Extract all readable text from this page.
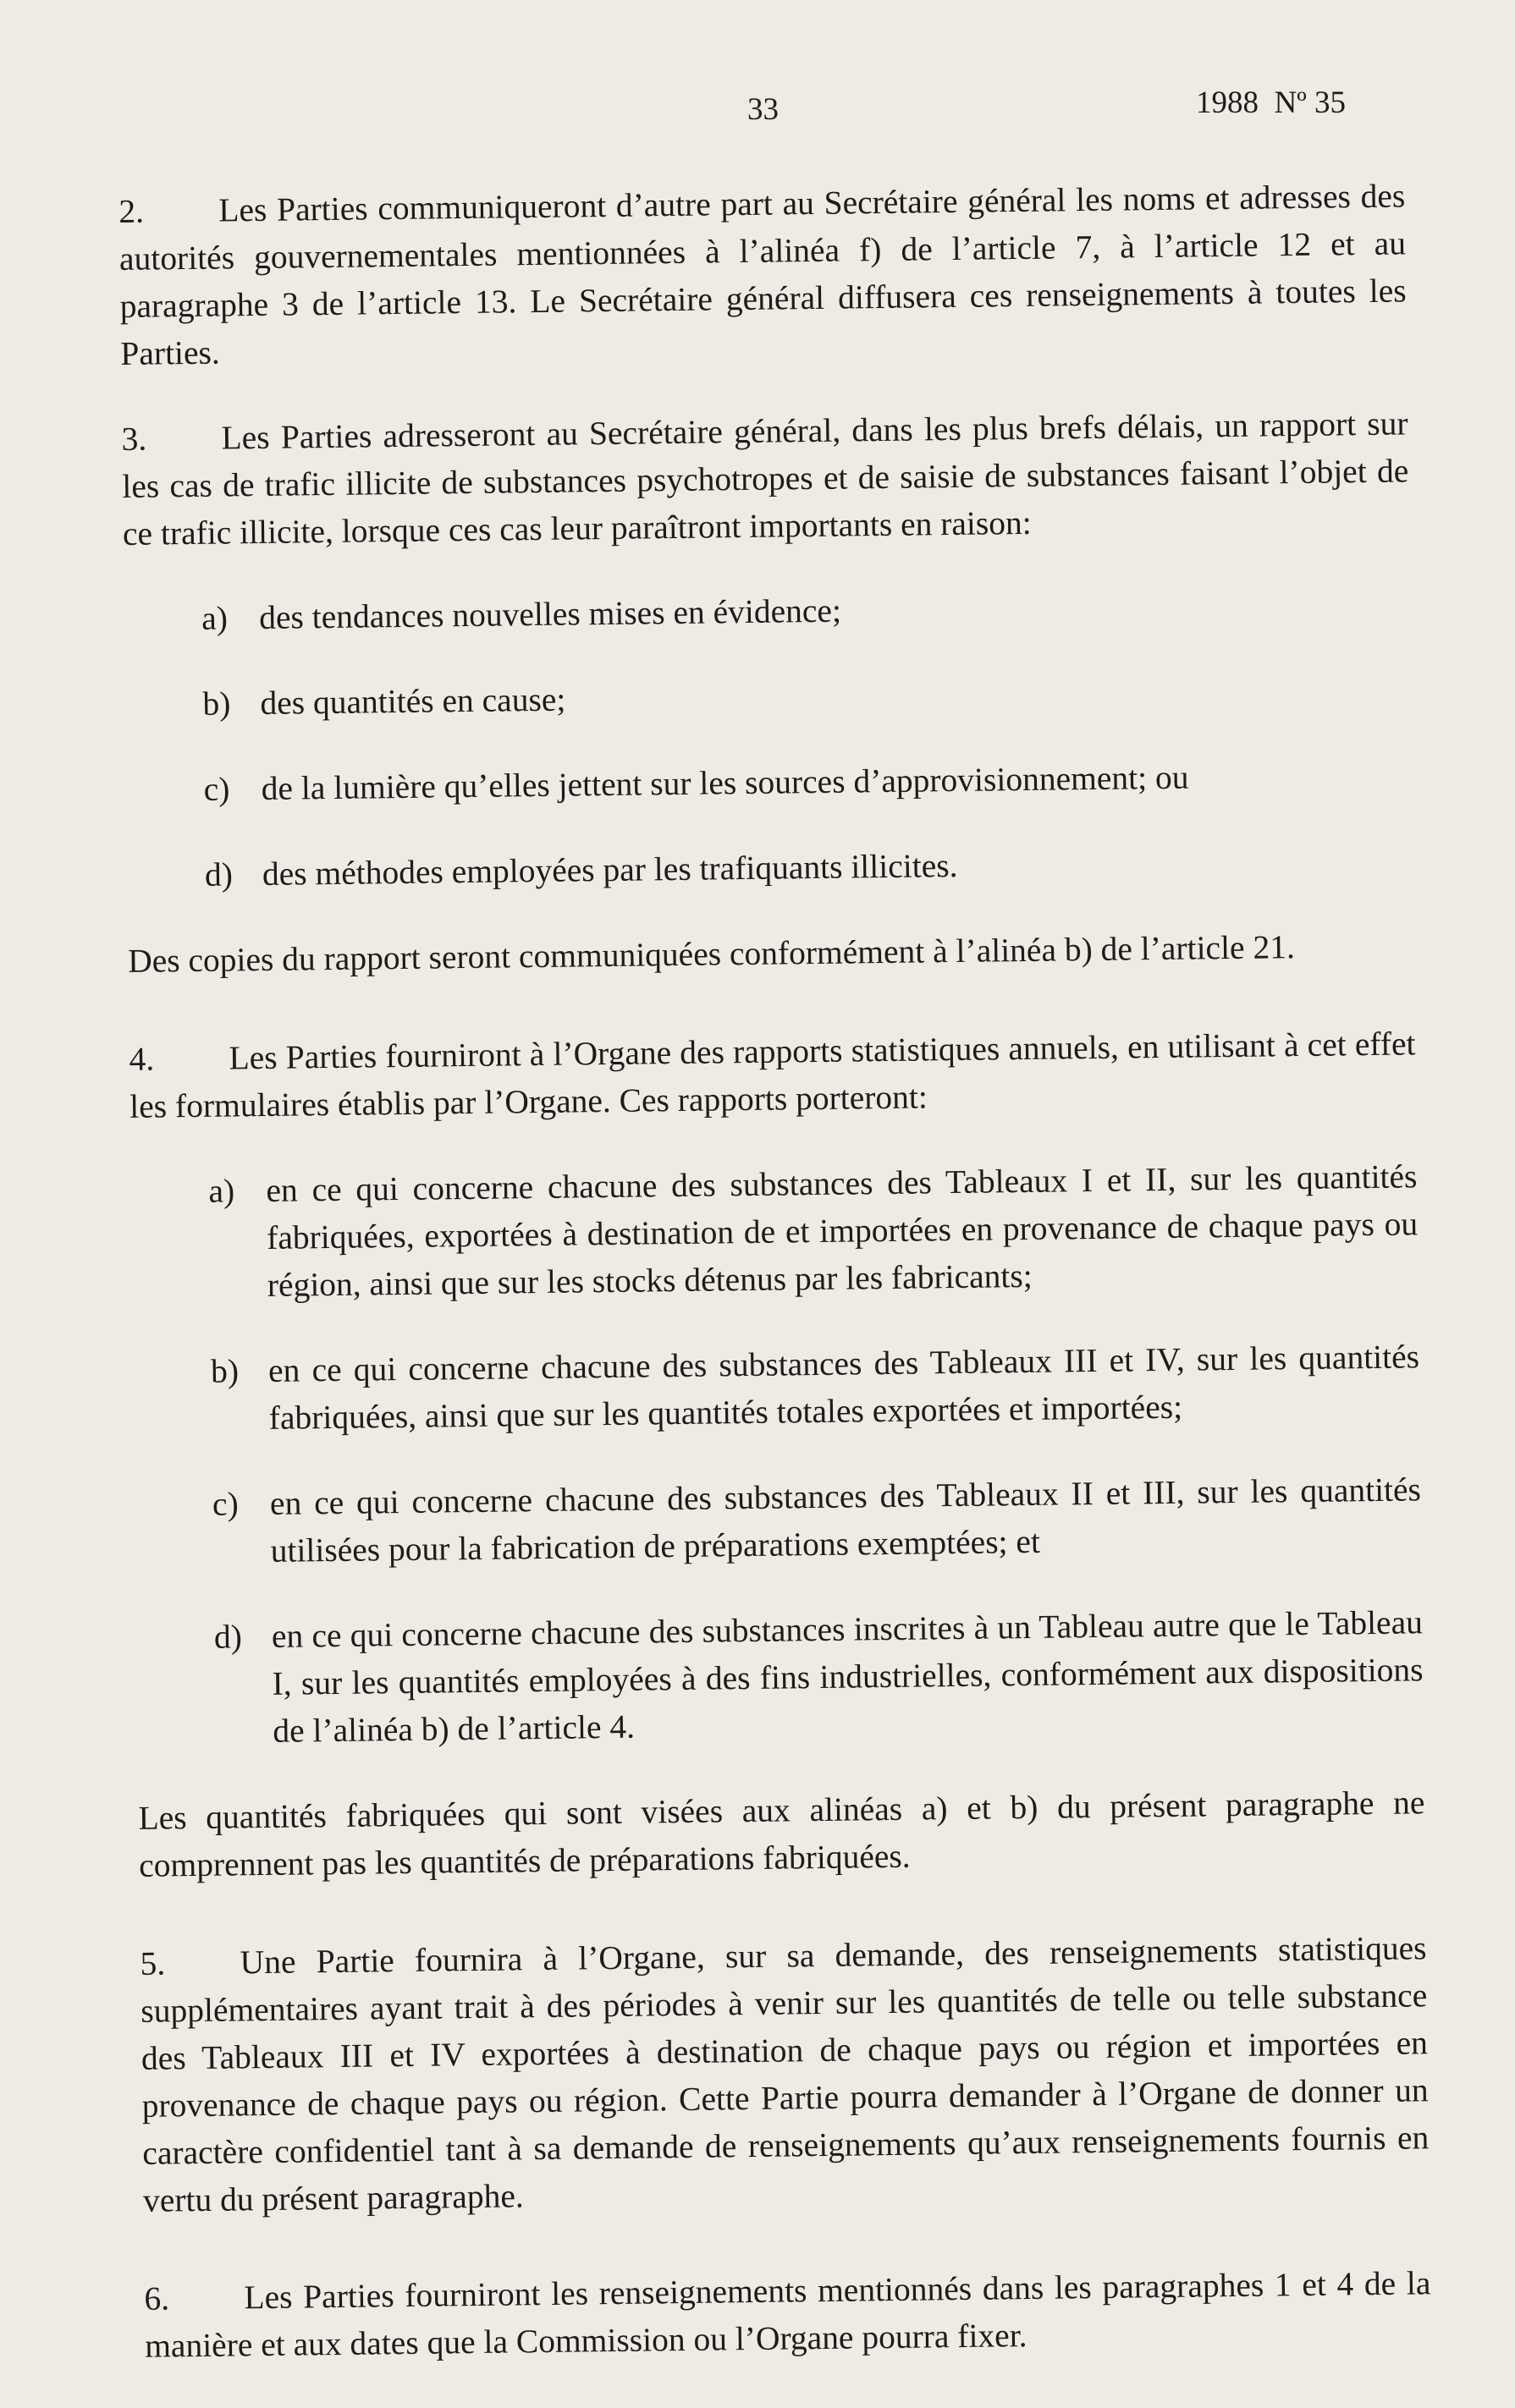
33	1988  Nº 35

2. Les Parties communiqueront d’autre part au Secrétaire général les noms et adresses des autorités gouvernementales mentionnées à l’alinéa f) de l’article 7, à l’article 12 et au paragraphe 3 de l’article 13. Le Secrétaire général diffusera ces renseignements à toutes les Parties.

3. Les Parties adresseront au Secrétaire général, dans les plus brefs délais, un rapport sur les cas de trafic illicite de substances psychotropes et de saisie de substances faisant l’objet de ce trafic illicite, lorsque ces cas leur paraîtront importants en raison:

a) des tendances nouvelles mises en évidence;
b) des quantités en cause;
c) de la lumière qu’elles jettent sur les sources d’approvisionnement; ou
d) des méthodes employées par les trafiquants illicites.

Des copies du rapport seront communiquées conformément à l’alinéa b) de l’article 21.

4. Les Parties fourniront à l’Organe des rapports statistiques annuels, en utilisant à cet effet les formulaires établis par l’Organe. Ces rapports porteront:

a) en ce qui concerne chacune des substances des Tableaux I et II, sur les quantités fabriquées, exportées à destination de et importées en provenance de chaque pays ou région, ainsi que sur les stocks détenus par les fabricants;
b) en ce qui concerne chacune des substances des Tableaux III et IV, sur les quantités fabriquées, ainsi que sur les quantités totales exportées et importées;
c) en ce qui concerne chacune des substances des Tableaux II et III, sur les quantités utilisées pour la fabrication de préparations exemptées; et
d) en ce qui concerne chacune des substances inscrites à un Tableau autre que le Tableau I, sur les quantités employées à des fins industrielles, conformément aux dispositions de l’alinéa b) de l’article 4.

Les quantités fabriquées qui sont visées aux alinéas a) et b) du présent paragraphe ne comprennent pas les quantités de préparations fabriquées.

5. Une Partie fournira à l’Organe, sur sa demande, des renseignements statistiques supplémentaires ayant trait à des périodes à venir sur les quantités de telle ou telle substance des Tableaux III et IV exportées à destination de chaque pays ou région et importées en provenance de chaque pays ou région. Cette Partie pourra demander à l’Organe de donner un caractère confidentiel tant à sa demande de renseignements qu’aux renseignements fournis en vertu du présent paragraphe.

6. Les Parties fourniront les renseignements mentionnés dans les paragraphes 1 et 4 de la manière et aux dates que la Commission ou l’Organe pourra fixer.
